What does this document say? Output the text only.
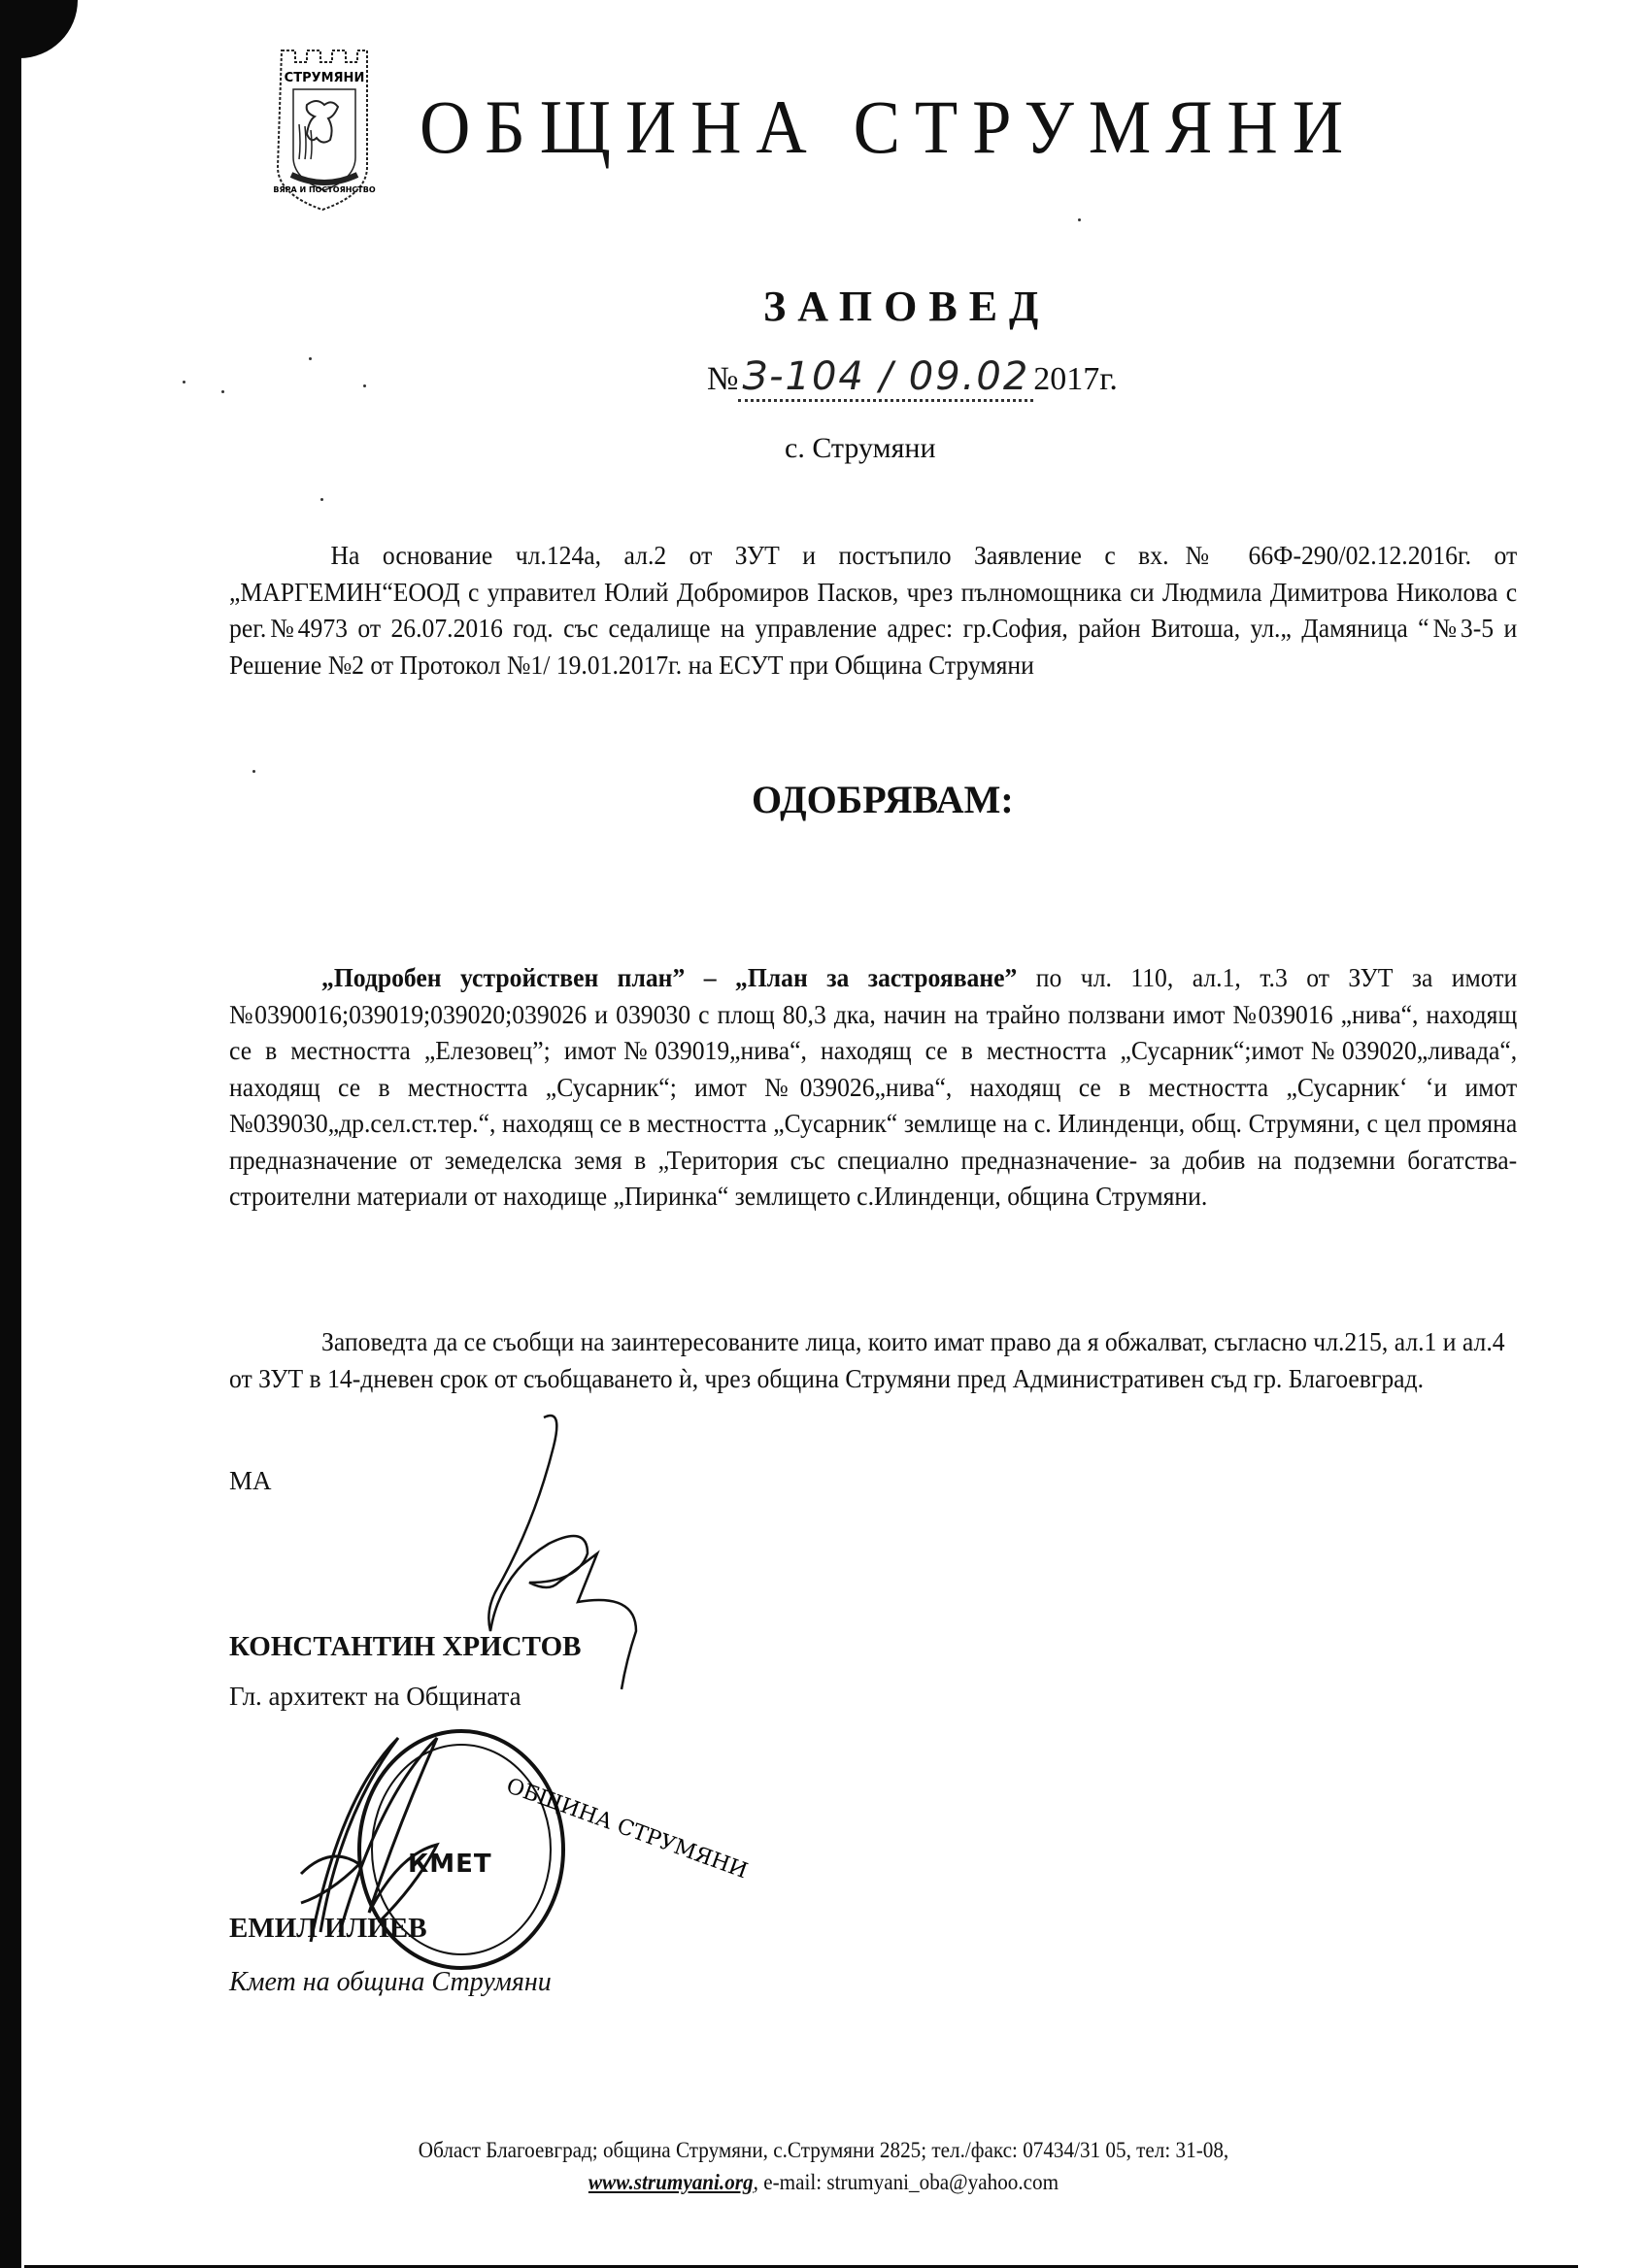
СТРУМЯНИ
ВЯРА И ПОСТОЯНСТВО
ОБЩИНА СТРУМЯНИ
ЗАПОВЕД
№ З-104 / 09.02 2017г.
с. Струмяни

На основание чл.124а, ал.2 от ЗУТ и постъпило Заявление с вх.№ 66Ф-290/02.12.2016г. от „МАРГЕМИН“ЕООД с управител Юлий Добромиров Пасков, чрез пълномощника си Людмила Димитрова Николова с рег.№4973 от 26.07.2016 год. със седалище на управление адрес: гр.София, район Витоша, ул.„ Дамяница “№3-5 и Решение №2 от Протокол №1/ 19.01.2017г. на ЕСУТ при Община Струмяни

ОДОБРЯВАМ:

„Подробен устройствен план” – „План за застрояване” по чл. 110, ал.1, т.3 от ЗУТ за имоти №0390016;039019;039020;039026 и 039030 с площ 80,3 дка, начин на трайно ползвани имот №039016 „нива“, находящ се в местността „Елезовец”; имот№039019„нива“, находящ се в местността „Сусарник“;имот№039020„ливада“, находящ се в местността „Сусарник“; имот №039026„нива“, находящ се в местността „Сусарник‘ ‘и имот №039030„др.сел.ст.тер.“, находящ се в местността „Сусарник“ землище на с. Илинденци, общ. Струмяни, с цел промяна предназначение от земеделска земя в „Територия със специално предназначение- за добив на подземни богатства- строителни материали от находище „Пиринка“ землището с.Илинденци, община Струмяни.

Заповедта да се съобщи на заинтересованите лица, които имат право да я обжалват, съгласно чл.215, ал.1 и ал.4 от ЗУТ в 14-дневен срок от съобщаването ѝ, чрез община Струмяни пред Административен съд гр. Благоевград.

МА
КОНСТАНТИН ХРИСТОВ
Гл. архитект на Общината
ОБЩИНА СТРУМЯНИ
КМЕТ
ЕМИЛ ИЛИЕВ
Кмет на община Струмяни
Област Благоевград; община Струмяни, с.Струмяни 2825; тел./факс: 07434/31 05, тел: 31-08,
www.strumyani.org, e-mail: strumyani_oba@yahoo.com
